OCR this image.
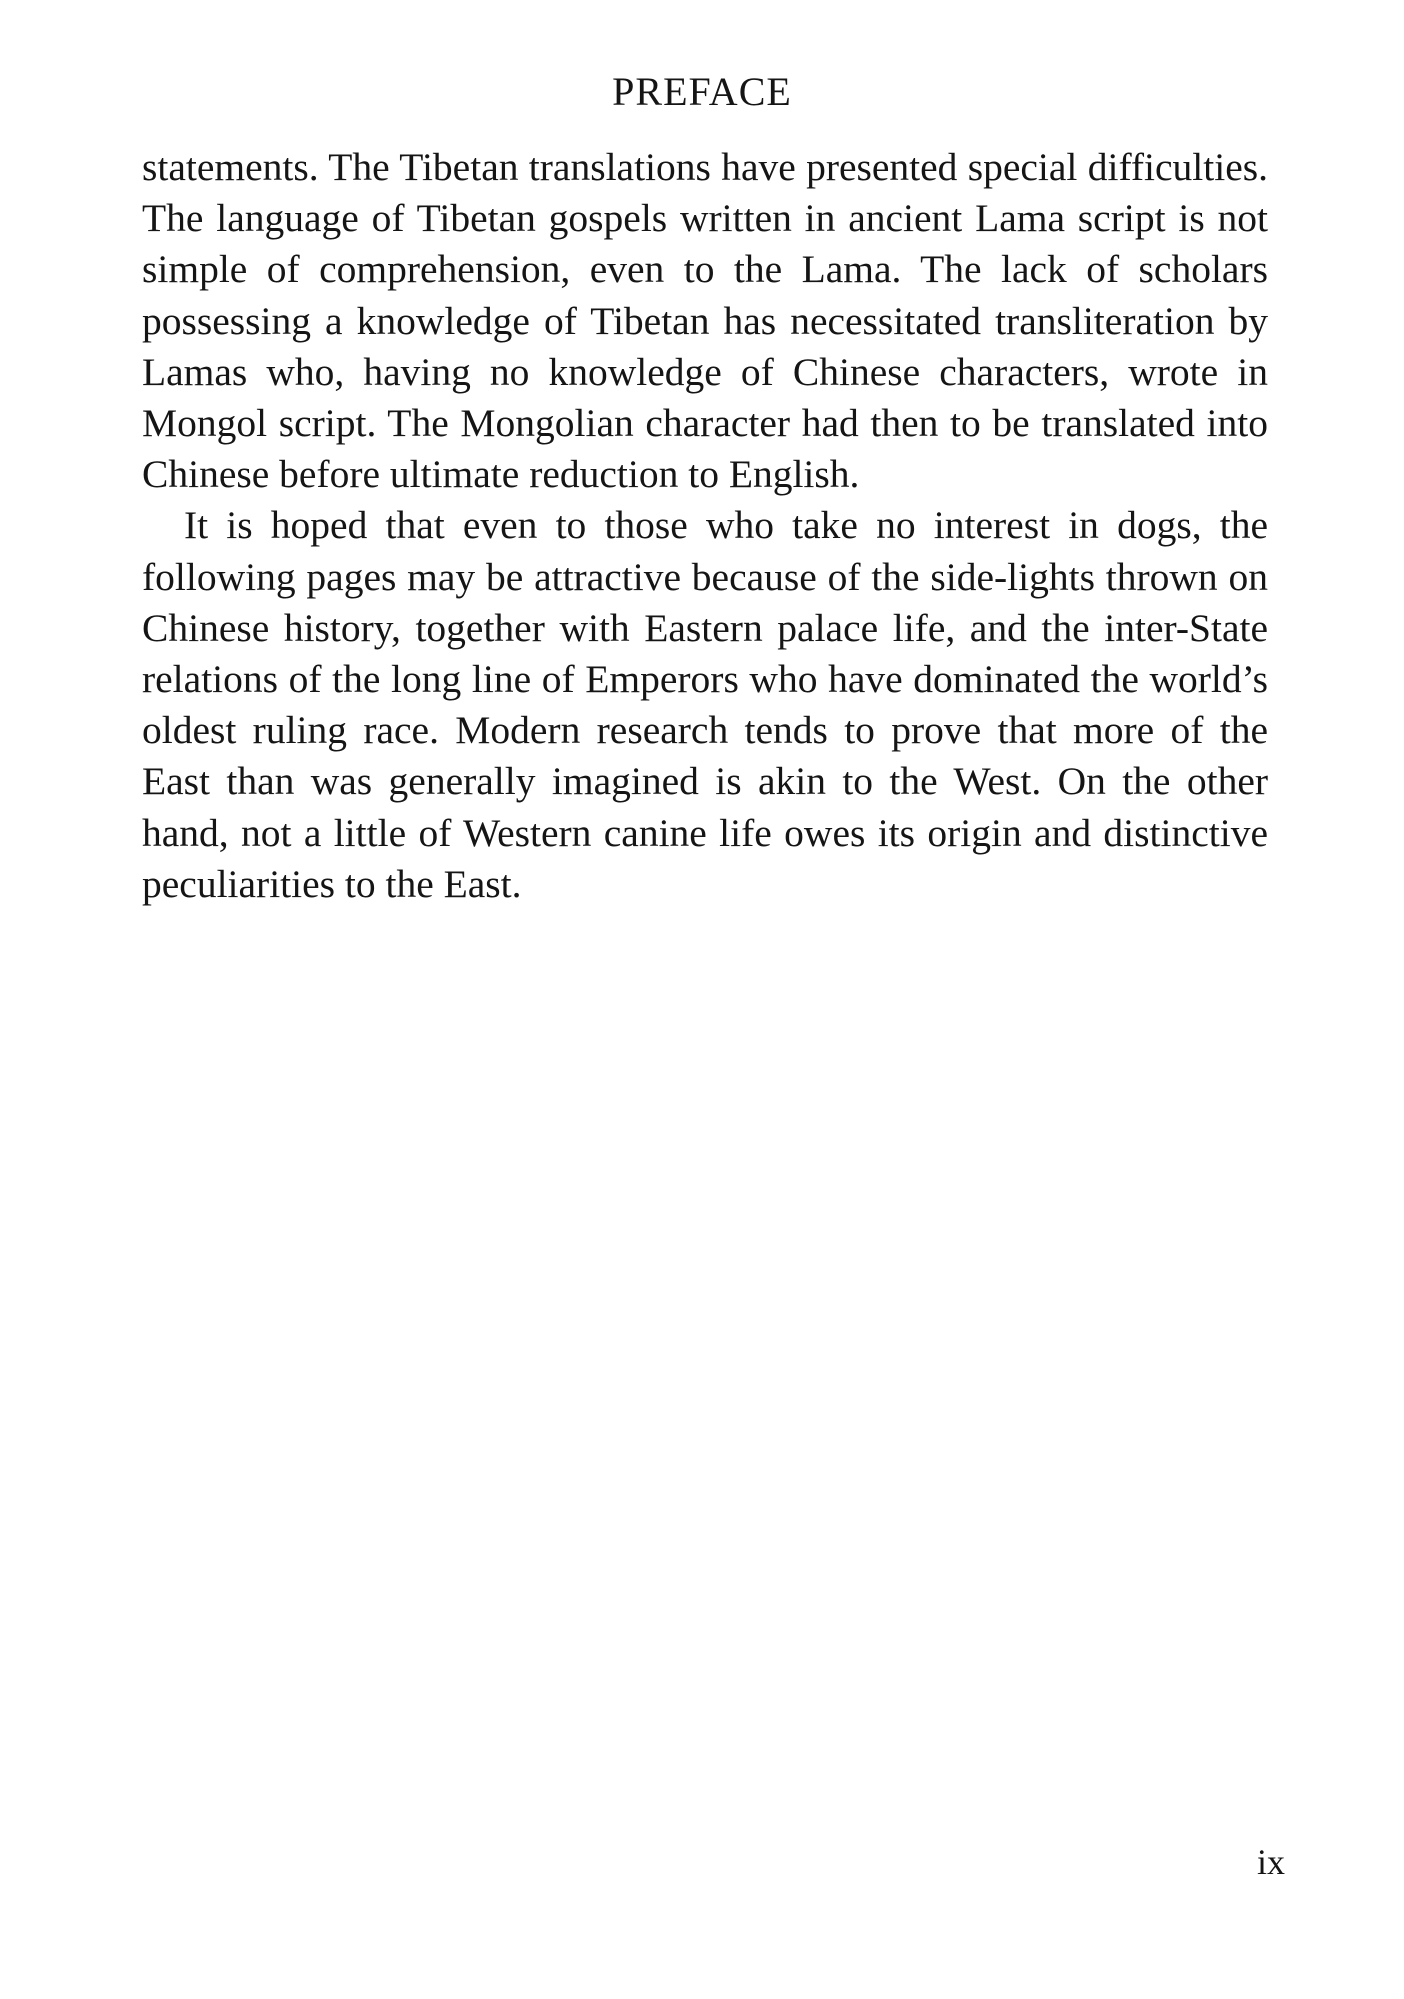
PREFACE

statements. The Tibetan translations have presented special difficulties. The language of Tibetan gospels written in ancient Lama script is not simple of comprehension, even to the Lama. The lack of scholars possessing a knowledge of Tibetan has necessitated transliteration by Lamas who, having no knowledge of Chinese characters, wrote in Mongol script. The Mongolian character had then to be translated into Chinese before ultimate reduction to English.

It is hoped that even to those who take no interest in dogs, the following pages may be attractive because of the side-lights thrown on Chinese history, together with Eastern palace life, and the inter-State relations of the long line of Emperors who have dominated the world’s oldest ruling race. Modern research tends to prove that more of the East than was generally imagined is akin to the West. On the other hand, not a little of Western canine life owes its origin and distinctive peculiarities to the East.

ix
